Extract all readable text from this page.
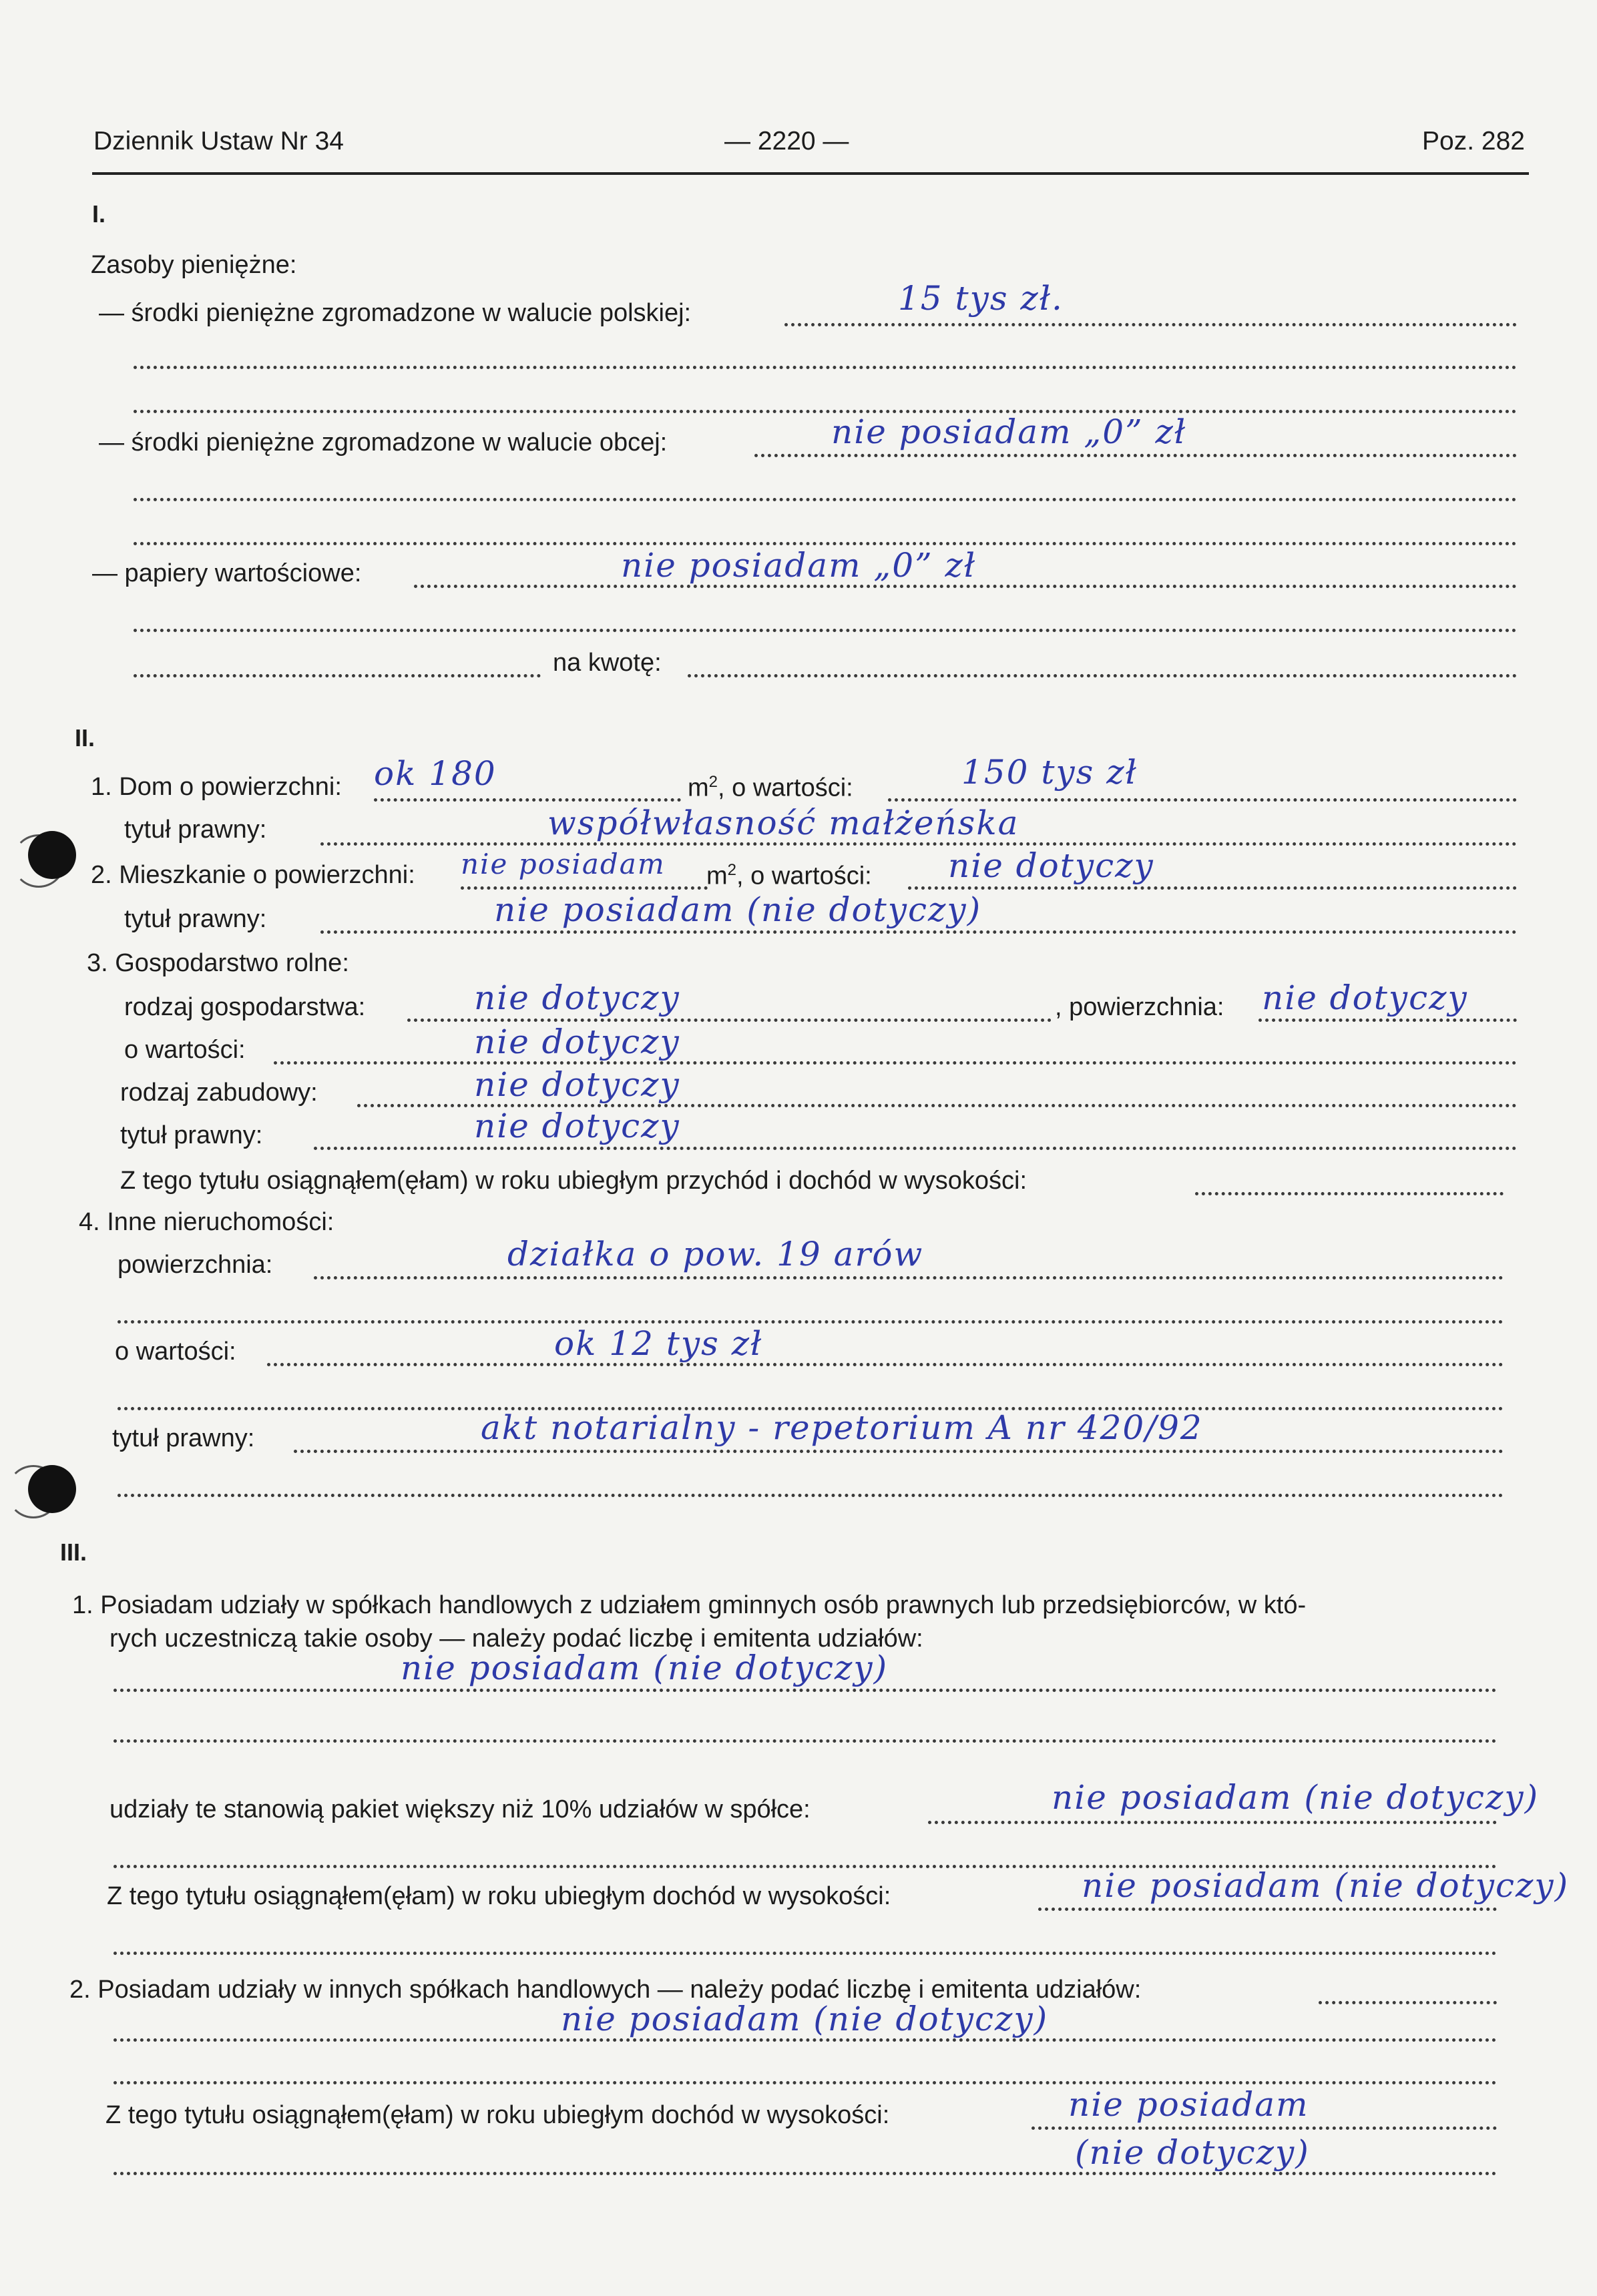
Dziennik Ustaw Nr 34	— 2220 —	Poz. 282
I.
Zasoby pieniężne:
— środki pieniężne zgromadzone w walucie polskiej:	15 tys zł.
— środki pieniężne zgromadzone w walucie obcej:	nie posiadam „0” zł
— papiery wartościowe:	nie posiadam „0” zł
na kwotę:
II.
1. Dom o powierzchni: ok 180	$m^2$, o wartości:	150 tys zł
tytuł prawny:	współwłasność małżeńska
2. Mieszkanie o powierzchni: nie posiadam $m^2$, o wartości: nie dotyczy
tytuł prawny:	nie posiadam (nie dotyczy)
3. Gospodarstwo rolne:
rodzaj gospodarstwa:	nie dotyczy	, powierzchnia: nie dotyczy
o wartości:	nie dotyczy
rodzaj zabudowy:	nie dotyczy
tytuł prawny:	nie dotyczy
Z tego tytułu osiągnąłem(ęłam) w roku ubiegłym przychód i dochód w wysokości:
4. Inne nieruchomości:
powierzchnia:	działka o pow. 19 arów
o wartości:	ok 12 tys zł
tytuł prawny:	akt notarialny - repetorium A nr 420/92
III.
1. Posiadam udziały w spółkach handlowych z udziałem gminnych osób prawnych lub przedsiębiorców, w któ-
rych uczestniczą takie osoby — należy podać liczbę i emitenta udziałów:
nie posiadam (nie dotyczy)
udziały te stanowią pakiet większy niż 10% udziałów w spółce:	nie posiadam (nie dotyczy)
Z tego tytułu osiągnąłem(ęłam) w roku ubiegłym dochód w wysokości:	nie posiadam (nie dotyczy)
2. Posiadam udziały w innych spółkach handlowych — należy podać liczbę i emitenta udziałów:
nie posiadam (nie dotyczy)
Z tego tytułu osiągnąłem(ęłam) w roku ubiegłym dochód w wysokości:	nie posiadam
(nie dotyczy)
